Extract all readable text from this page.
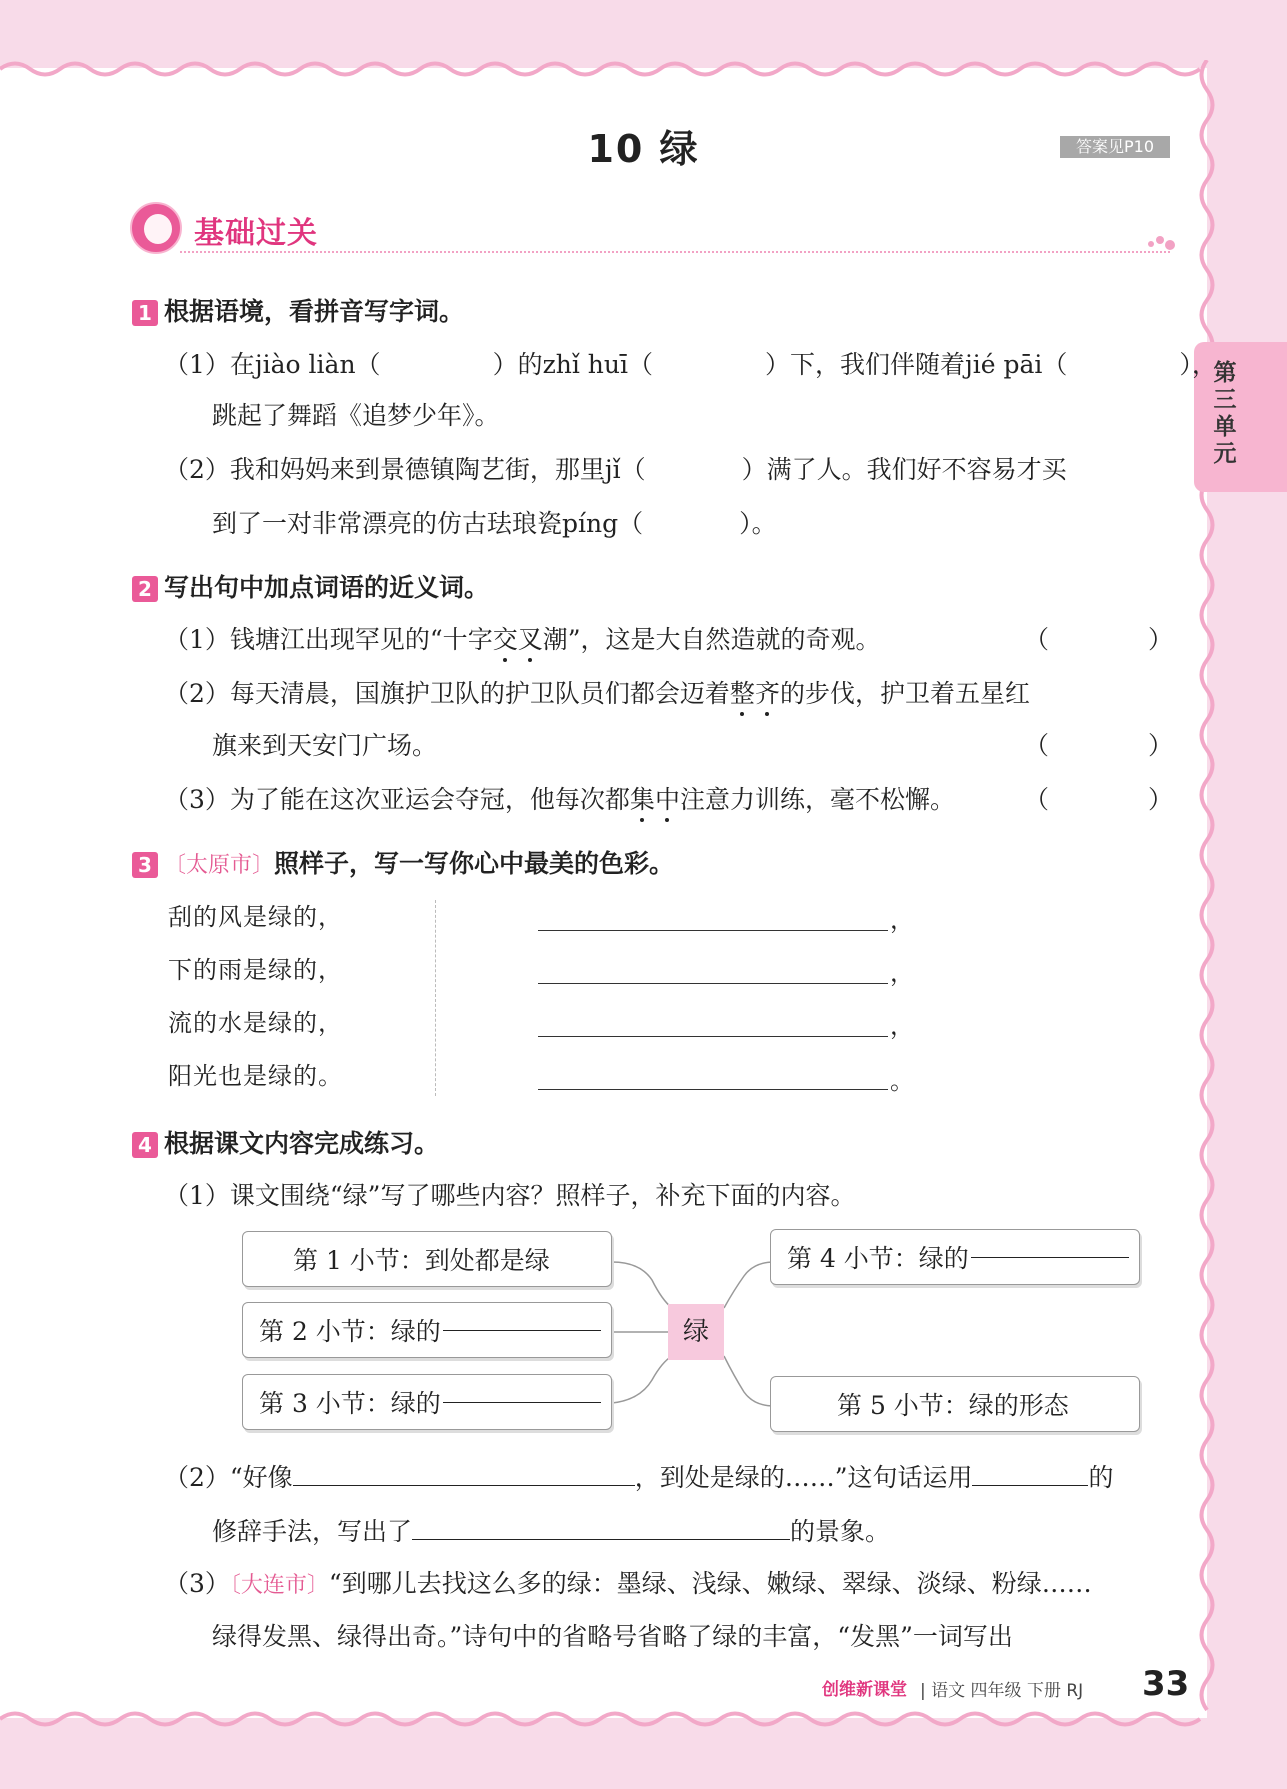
10 绿	答案见P10
第三单元
基础过关
1 根据语境，看拼音写字词。
（1）在jiào liàn（	）的zhǐ huī（	）下，我们伴随着jié pāi（	），
跳起了舞蹈《追梦少年》。
（2）我和妈妈来到景德镇陶艺街，那里jǐ（	）满了人。我们好不容易才买
到了一对非常漂亮的仿古珐琅瓷píng（	）。
2 写出句中加点词语的近义词。
（1）钱塘江出现罕见的“十字交叉潮”，这是大自然造就的奇观。	（	）
（2）每天清晨，国旗护卫队的护卫队员们都会迈着整齐的步伐，护卫着五星红
旗来到天安门广场。	（	）
（3）为了能在这次亚运会夺冠，他每次都集中注意力训练，毫不松懈。	（	）
3 〔太原市〕照样子，写一写你心中最美的色彩。
刮的风是绿的，
下的雨是绿的，
流的水是绿的，
阳光也是绿的。
，
，
，
。
4 根据课文内容完成练习。
（1）课文围绕“绿”写了哪些内容？照样子，补充下面的内容。
绿
第 1 小节：到处都是绿
第 2 小节：绿的
第 3 小节：绿的
第 4 小节：绿的
第 5 小节：绿的形态
（2）“好像	，到处是绿的……”这句话运用	的
修辞手法，写出了	的景象。
（3）〔大连市〕“到哪儿去找这么多的绿：墨绿、浅绿、嫩绿、翠绿、淡绿、粉绿……
绿得发黑、绿得出奇。”诗句中的省略号省略了绿的丰富，“发黑”一词写出
创维新课堂 | 语文 四年级 下册 RJ 33
